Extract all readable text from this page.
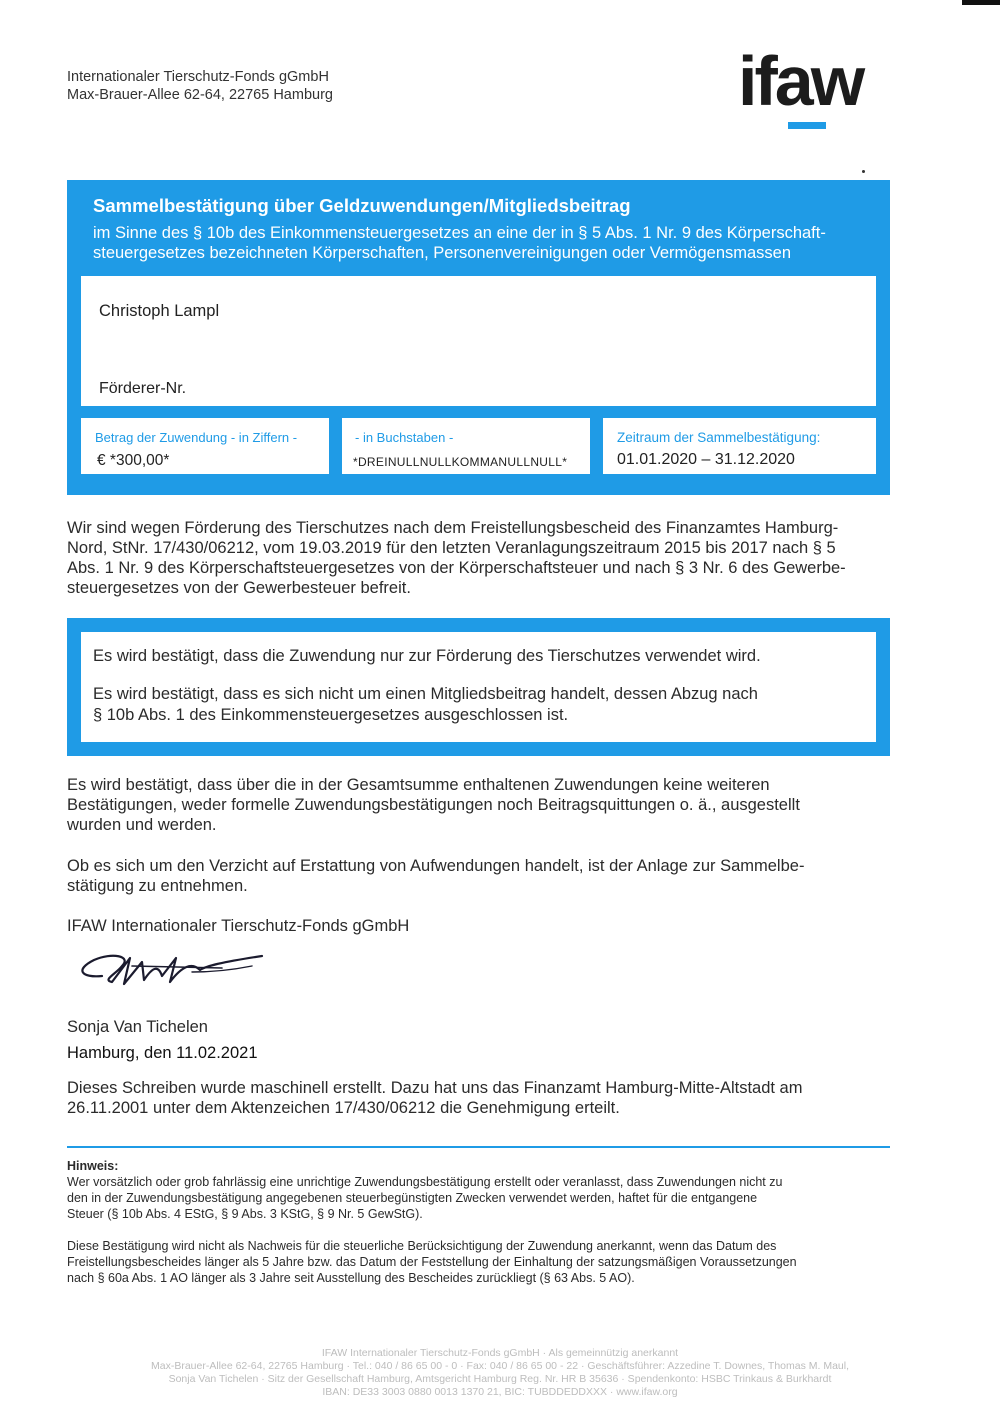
Internationaler Tierschutz-Fonds gGmbH
Max-Brauer-Allee 62-64, 22765 Hamburg	ifaw
Sammelbestätigung über Geldzuwendungen/Mitgliedsbeitrag
im Sinne des § 10b des Einkommensteuergesetzes an eine der in § 5 Abs. 1 Nr. 9 des Körperschaft-
steuergesetzes bezeichneten Körperschaften, Personenvereinigungen oder Vermögensmassen
Christoph Lampl
Förderer-Nr.
Betrag der Zuwendung - in Ziffern -
€ *300,00*
- in Buchstaben -
*DREINULLNULLKOMMANULLNULL*
Zeitraum der Sammelbestätigung:
01.01.2020 – 31.12.2020
Wir sind wegen Förderung des Tierschutzes nach dem Freistellungsbescheid des Finanzamtes Hamburg-
Nord, StNr. 17/430/06212, vom 19.03.2019 für den letzten Veranlagungszeitraum 2015 bis 2017 nach § 5
Abs. 1 Nr. 9 des Körperschaftsteuergesetzes von der Körperschaftsteuer und nach § 3 Nr. 6 des Gewerbe-
steuergesetzes von der Gewerbesteuer befreit.
Es wird bestätigt, dass die Zuwendung nur zur Förderung des Tierschutzes verwendet wird.
Es wird bestätigt, dass es sich nicht um einen Mitgliedsbeitrag handelt, dessen Abzug nach
§ 10b Abs. 1 des Einkommensteuergesetzes ausgeschlossen ist.
Es wird bestätigt, dass über die in der Gesamtsumme enthaltenen Zuwendungen keine weiteren
Bestätigungen, weder formelle Zuwendungsbestätigungen noch Beitragsquittungen o. ä., ausgestellt
wurden und werden.
Ob es sich um den Verzicht auf Erstattung von Aufwendungen handelt, ist der Anlage zur Sammelbe-
stätigung zu entnehmen.
IFAW Internationaler Tierschutz-Fonds gGmbH
Sonja Van Tichelen
Hamburg, den 11.02.2021
Dieses Schreiben wurde maschinell erstellt. Dazu hat uns das Finanzamt Hamburg-Mitte-Altstadt am
26.11.2001 unter dem Aktenzeichen 17/430/06212 die Genehmigung erteilt.
Hinweis:
Wer vorsätzlich oder grob fahrlässig eine unrichtige Zuwendungsbestätigung erstellt oder veranlasst, dass Zuwendungen nicht zu
den in der Zuwendungsbestätigung angegebenen steuerbegünstigten Zwecken verwendet werden, haftet für die entgangene
Steuer (§ 10b Abs. 4 EStG, § 9 Abs. 3 KStG, § 9 Nr. 5 GewStG).
Diese Bestätigung wird nicht als Nachweis für die steuerliche Berücksichtigung der Zuwendung anerkannt, wenn das Datum des
Freistellungsbescheides länger als 5 Jahre bzw. das Datum der Feststellung der Einhaltung der satzungsmäßigen Voraussetzungen
nach § 60a Abs. 1 AO länger als 3 Jahre seit Ausstellung des Bescheides zurückliegt (§ 63 Abs. 5 AO).
IFAW Internationaler Tierschutz-Fonds gGmbH · Als gemeinnützig anerkannt
Max-Brauer-Allee 62-64, 22765 Hamburg · Tel.: 040 / 86 65 00 - 0 · Fax: 040 / 86 65 00 - 22 · Geschäftsführer: Azzedine T. Downes, Thomas M. Maul,
Sonja Van Tichelen · Sitz der Gesellschaft Hamburg, Amtsgericht Hamburg Reg. Nr. HR B 35636 · Spendenkonto: HSBC Trinkaus & Burkhardt
IBAN: DE33 3003 0880 0013 1370 21, BIC: TUBDDEDDXXX · www.ifaw.org
